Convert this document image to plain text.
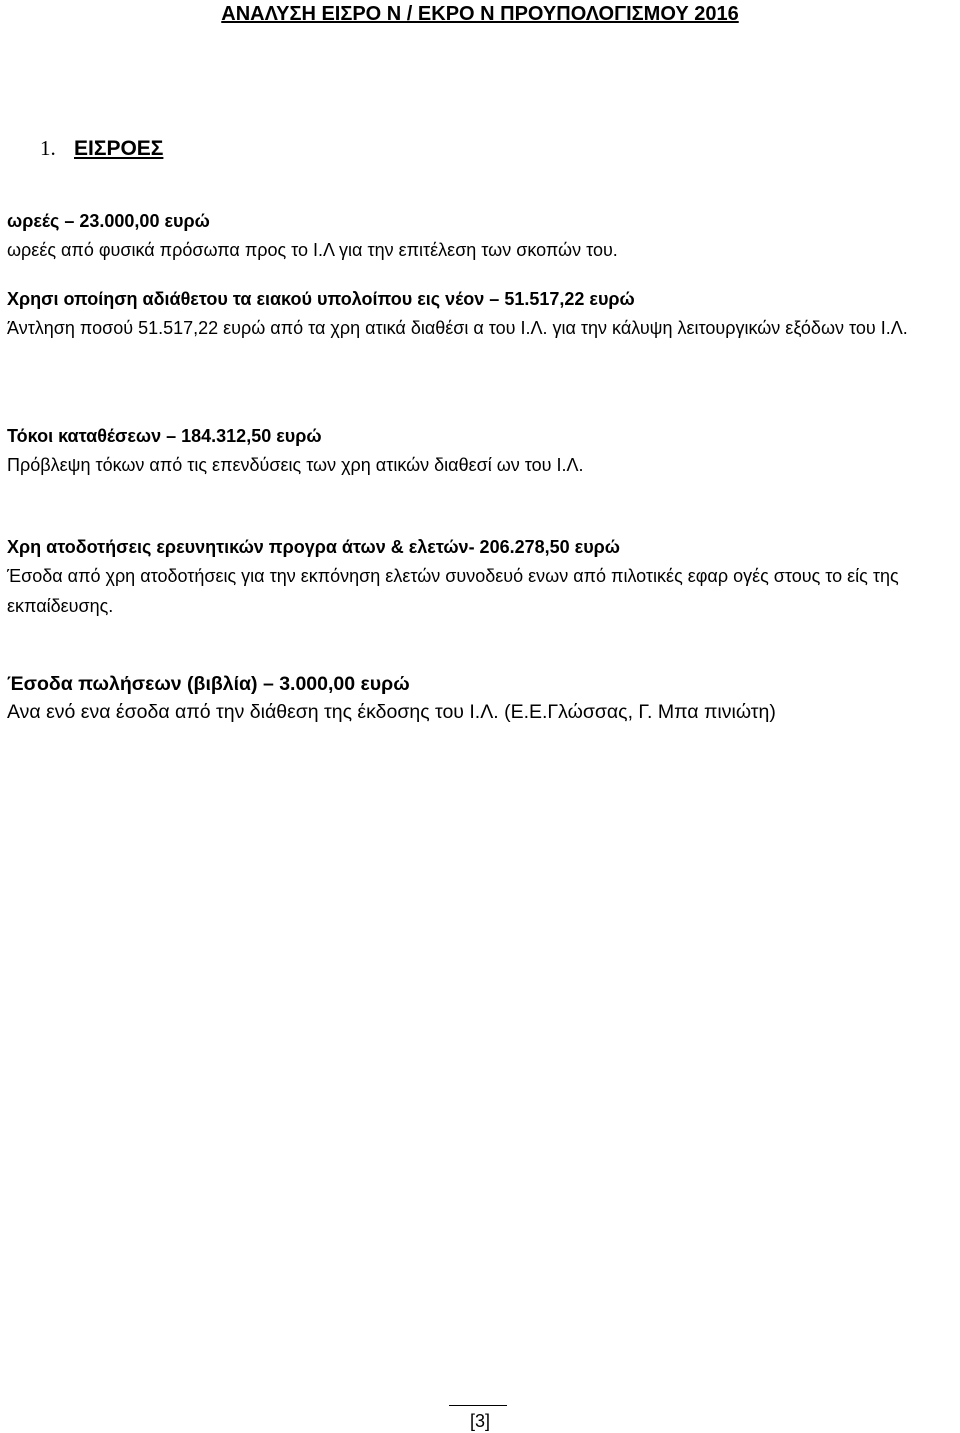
ΑΝΑΛΥΣΗ ΕΙΣΡΟ Ν / ΕΚΡΟ Ν ΠΡΟΥΠΟΛΟΓΙΣΜΟΥ 2016
1. ΕΙΣΡΟΕΣ
ωρεές – 23.000,00 ευρώ

ωρεές από φυσικά πρόσωπα προς το Ι.Λ για την επιτέλεση των σκοπών του.

Χρησι οποίηση αδιάθετου τα ειακού υπολοίπου εις νέον – 51.517,22 ευρώ

Άντληση ποσού 51.517,22 ευρώ από τα χρη ατικά διαθέσι α του Ι.Λ. για την κάλυψη λειτουργικών εξόδων του Ι.Λ.

Τόκοι καταθέσεων – 184.312,50 ευρώ

Πρόβλεψη τόκων από τις επενδύσεις των χρη ατικών διαθεσί ων του Ι.Λ.

Χρη ατοδοτήσεις ερευνητικών προγρα άτων & ελετών- 206.278,50 ευρώ

Έσοδα από χρη ατοδοτήσεις για την εκπόνηση ελετών συνοδευό ενων από πιλοτικές εφαρ ογές στους το είς της εκπαίδευσης.

Έσοδα πωλήσεων (βιβλία) – 3.000,00 ευρώ

Ανα ενό ενα έσοδα από την διάθεση της έκδοσης του Ι.Λ. (Ε.Ε.Γλώσσας, Γ. Μπα πινιώτη)

[3]
